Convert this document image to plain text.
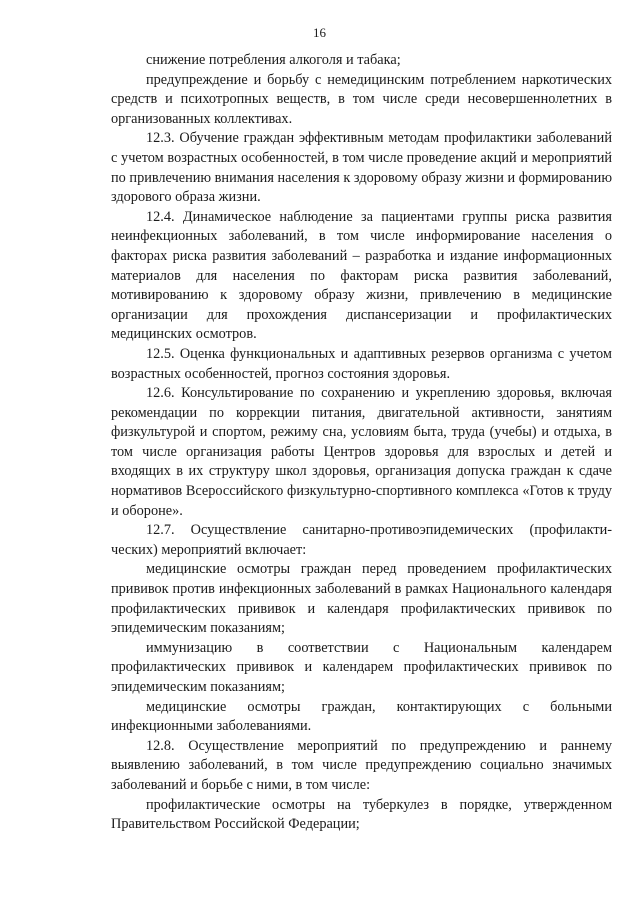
16

снижение потребления алкоголя и табака;

предупреждение и борьбу с немедицинским потреблением наркотических средств и психотропных веществ, в том числе среди несовершеннолетних в организованных коллективах.

12.3. Обучение граждан эффективным методам профилактики заболеваний с учетом возрастных особенностей, в том числе проведение акций и мероприятий по привлечению внимания населения к здоровому образу жизни и формированию здорового образа жизни.

12.4. Динамическое наблюдение за пациентами группы риска развития неинфекционных заболеваний, в том числе информирование населения о факторах риска развития заболеваний – разработка и издание информационных материалов для населения по факторам риска развития заболеваний, мотивированию к здоровому образу жизни, привлечению в медицинские организации для прохождения диспансеризации и профилактических медицинских осмотров.

12.5. Оценка функциональных и адаптивных резервов организма с учетом возрастных особенностей, прогноз состояния здоровья.

12.6. Консультирование по сохранению и укреплению здоровья, включая рекомендации по коррекции питания, двигательной активности, занятиям физкультурой и спортом, режиму сна, условиям быта, труда (учебы) и отдыха, в том числе организация работы Центров здоровья для взрослых и детей и входящих в их структуру школ здоровья, организация допуска граждан к сдаче нормативов Всероссийского физкультурно-спортивного комплекса «Готов к труду и обороне».

12.7. Осуществление санитарно-противоэпидемических (профилакти-ческих) мероприятий включает:

медицинские осмотры граждан перед проведением профилактических прививок против инфекционных заболеваний в рамках Национального календаря профилактических прививок и календаря профилактических прививок по эпидемическим показаниям;

иммунизацию в соответствии с Национальным календарем профилактических прививок и календарем профилактических прививок по эпидемическим показаниям;

медицинские осмотры граждан, контактирующих с больными инфекционными заболеваниями.

12.8. Осуществление мероприятий по предупреждению и раннему выявлению заболеваний, в том числе предупреждению социально значимых заболеваний и борьбе с ними, в том числе:

профилактические осмотры на туберкулез в порядке, утвержденном Правительством Российской Федерации;
